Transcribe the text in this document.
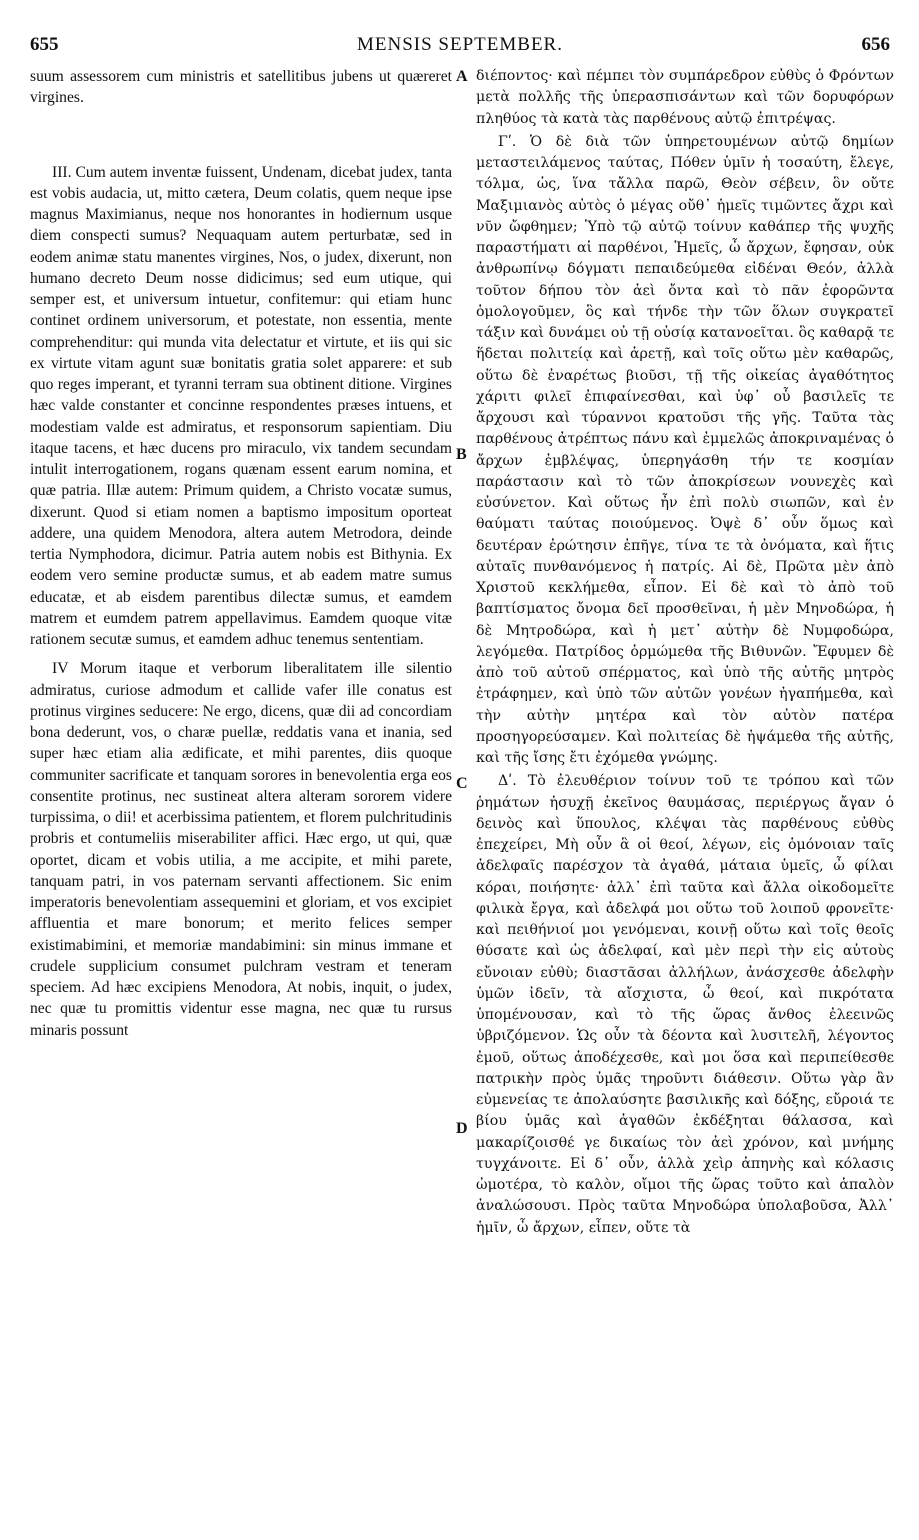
655	MENSIS SEPTEMBER.	656

suum assessorem cum ministris et satellitibus jubens ut quæreret virgines.

III. Cum autem inventæ fuissent, Undenam, dicebat judex, tanta est vobis audacia, ut, mitto cætera, Deum colatis, quem neque ipse magnus Maximianus, neque nos honorantes in hodiernum usque diem conspecti sumus? Nequaquam autem perturbatæ, sed in eodem animæ statu manentes virgines, Nos, o judex, dixerunt, non humano decreto Deum nosse didicimus; sed eum utique, qui semper est, et universum intuetur, confitemur: qui etiam hunc continet ordinem universorum, et potestate, non essentia, mente comprehenditur: qui munda vita delectatur et virtute, et iis qui sic ex virtute vitam agunt suæ bonitatis gratia solet apparere: et sub quo reges imperant, et tyranni terram sua obtinent ditione. Virgines hæc valde constanter et concinne respondentes præses intuens, et modestiam valde est admiratus, et responsorum sapientiam. Diu itaque tacens, et hæc ducens pro miraculo, vix tandem secundam intulit interrogationem, rogans quænam essent earum nomina, et quæ patria. Illæ autem: Primum quidem, a Christo vocatæ sumus, dixerunt. Quod si etiam nomen a baptismo impositum oporteat addere, una quidem Menodora, altera autem Metrodora, deinde tertia Nymphodora, dicimur. Patria autem nobis est Bithynia. Ex eodem vero semine productæ sumus, et ab eadem matre sumus educatæ, et ab eisdem parentibus dilectæ sumus, et eamdem matrem et eumdem patrem appellavimus. Eamdem quoque vitæ rationem secutæ sumus, et eamdem adhuc tenemus sententiam.

IV Morum itaque et verborum liberalitatem ille silentio admiratus, curiose admodum et callide vafer ille conatus est protinus virgines seducere: Ne ergo, dicens, quæ dii ad concordiam bona dederunt, vos, o charæ puellæ, reddatis vana et inania, sed super hæc etiam alia ædificate, et mihi parentes, diis quoque communiter sacrificate et tanquam sorores in benevolentia erga eos consentite protinus, nec sustineat altera alteram sororem videre turpissima, o dii! et acerbissima patientem, et florem pulchritudinis probris et contumeliis miserabiliter affici. Hæc ergo, ut qui, quæ oportet, dicam et vobis utilia, a me accipite, et mihi parete, tanquam patri, in vos paternam servanti affectionem. Sic enim imperatoris benevolentiam assequemini et gloriam, et vos excipiet affluentia et mare bonorum; et merito felices semper existimabimini, et memoriæ mandabimini: sin minus immane et crudele supplicium consumet pulchram vestram et teneram speciem. Ad hæc excipiens Menodora, At nobis, inquit, o judex, nec quæ tu promittis videntur esse magna, nec quæ tu rursus minaris possunt

διέποντος· καὶ πέμπει τὸν συμπάρεδρον εὐθὺς ὁ Φρόντων μετὰ πολλῆς τῆς ὑπερασπισάντων καὶ τῶν δορυφόρων πληθύος τὰ κατὰ τὰς παρθένους αὐτῷ ἐπιτρέψας.

Γʹ. Ὁ δὲ διὰ τῶν ὑπηρετουμένων αὐτῷ δημίων μεταστειλάμενος ταύτας, Πόθεν ὑμῖν ἡ τοσαύτη, ἔλεγε, τόλμα, ὡς, ἵνα τἄλλα παρῶ, Θεὸν σέβειν, ὃν οὔτε Μαξιμιανὸς αὐτὸς ὁ μέγας οὔθ᾽ ἡμεῖς τιμῶντες ἄχρι καὶ νῦν ὤφθημεν; Ὑπὸ τῷ αὐτῷ τοίνυν καθάπερ τῆς ψυχῆς παραστήματι αἱ παρθένοι, Ἡμεῖς, ὦ ἄρχων, ἔφησαν, οὐκ ἀνθρωπίνῳ δόγματι πεπαιδεύμεθα εἰδέναι Θεόν, ἀλλὰ τοῦτον δήπου τὸν ἀεὶ ὄντα καὶ τὸ πᾶν ἐφορῶντα ὁμολογοῦμεν, ὃς καὶ τήνδε τὴν τῶν ὅλων συγκρατεῖ τάξιν καὶ δυνάμει οὐ τῇ οὐσίᾳ κατανοεῖται. ὃς καθαρᾷ τε ἥδεται πολιτείᾳ καὶ ἀρετῇ, καὶ τοῖς οὕτω μὲν καθαρῶς, οὕτω δὲ ἐναρέτως βιοῦσι, τῇ τῆς οἰκείας ἀγαθότητος χάριτι φιλεῖ ἐπιφαίνεσθαι, καὶ ὑφ᾽ οὗ βασιλεῖς τε ἄρχουσι καὶ τύραννοι κρατοῦσι τῆς γῆς. Ταῦτα τὰς παρθένους ἀτρέπτως πάνυ καὶ ἐμμελῶς ἀποκριναμένας ὁ ἄρχων ἐμβλέψας, ὑπερηγάσθη τήν τε κοσμίαν παράστασιν καὶ τὸ τῶν ἀποκρίσεων νουνεχὲς καὶ εὐσύνετον. Καὶ οὕτως ἦν ἐπὶ πολὺ σιωπῶν, καὶ ἐν θαύματι ταύτας ποιούμενος. Ὀψὲ δ᾽ οὖν ὅμως καὶ δευτέραν ἐρώτησιν ἐπῆγε, τίνα τε τὰ ὀνόματα, καὶ ἥτις αὐταῖς πυνθανόμενος ἡ πατρίς. Αἱ δὲ, Πρῶτα μὲν ἀπὸ Χριστοῦ κεκλήμεθα, εἶπον. Εἰ δὲ καὶ τὸ ἀπὸ τοῦ βαπτίσματος ὄνομα δεῖ προσθεῖναι, ἡ μὲν Μηνοδώρα, ἡ δὲ Μητροδώρα, καὶ ἡ μετ᾽ αὐτὴν δὲ Νυμφοδώρα, λεγόμεθα. Πατρίδος ὁρμώμεθα τῆς Βιθυνῶν. Ἔφυμεν δὲ ἀπὸ τοῦ αὐτοῦ σπέρματος, καὶ ὑπὸ τῆς αὐτῆς μητρὸς ἐτράφημεν, καὶ ὑπὸ τῶν αὐτῶν γονέων ἠγαπήμεθα, καὶ τὴν αὐτὴν μητέρα καὶ τὸν αὐτὸν πατέρα προσηγορεύσαμεν. Καὶ πολιτείας δὲ ἡψάμεθα τῆς αὐτῆς, καὶ τῆς ἴσης ἔτι ἐχόμεθα γνώμης.

Δʹ. Τὸ ἐλευθέριον τοίνυν τοῦ τε τρόπου καὶ τῶν ῥημάτων ἡσυχῇ ἐκεῖνος θαυμάσας, περιέργως ἄγαν ὁ δεινὸς καὶ ὕπουλος, κλέψαι τὰς παρθένους εὐθὺς ἐπεχείρει, Μὴ οὖν ἃ οἱ θεοί, λέγων, εἰς ὁμόνοιαν ταῖς ἀδελφαῖς παρέσχον τὰ ἀγαθά, μάταια ὑμεῖς, ὦ φίλαι κόραι, ποιήσητε· ἀλλ᾽ ἐπὶ ταῦτα καὶ ἄλλα οἰκοδομεῖτε φιλικὰ ἔργα, καὶ ἀδελφά μοι οὕτω τοῦ λοιποῦ φρονεῖτε· καὶ πειθήνιοί μοι γενόμεναι, κοινῇ οὕτω καὶ τοῖς θεοῖς θύσατε καὶ ὡς ἀδελφαί, καὶ μὲν περὶ τὴν εἰς αὐτοὺς εὔνοιαν εὐθὺ; διαστᾶσαι ἀλλήλων, ἀνάσχεσθε ἀδελφὴν ὑμῶν ἰδεῖν, τὰ αἴσχιστα, ὦ θεοί, καὶ πικρότατα ὑπομένουσαν, καὶ τὸ τῆς ὥρας ἄνθος ἐλεεινῶς ὑβριζόμενον. Ὡς οὖν τὰ δέοντα καὶ λυσιτελῆ, λέγοντος ἐμοῦ, οὕτως ἀποδέχεσθε, καὶ μοι ὅσα καὶ περιπείθεσθε πατρικὴν πρὸς ὑμᾶς τηροῦντι διάθεσιν. Οὕτω γὰρ ἂν εὐμενείας τε ἀπολαύσητε βασιλικῆς καὶ δόξης, εὔροιά τε βίου ὑμᾶς καὶ ἀγαθῶν ἐκδέξηται θάλασσα, καὶ μακαρίζοισθέ γε δικαίως τὸν ἀεὶ χρόνον, καὶ μνήμης τυγχάνοιτε. Εἰ δ᾽ οὖν, ἀλλὰ χεὶρ ἀπηνὴς καὶ κόλασις ὠμοτέρα, τὸ καλὸν, οἴμοι τῆς ὥρας τοῦτο καὶ ἁπαλὸν ἀναλώσουσι. Πρὸς ταῦτα Μηνοδώρα ὑπολαβοῦσα, Ἀλλ᾽ ἡμῖν, ὦ ἄρχων, εἶπεν, οὔτε τὰ

A
B
C
D
